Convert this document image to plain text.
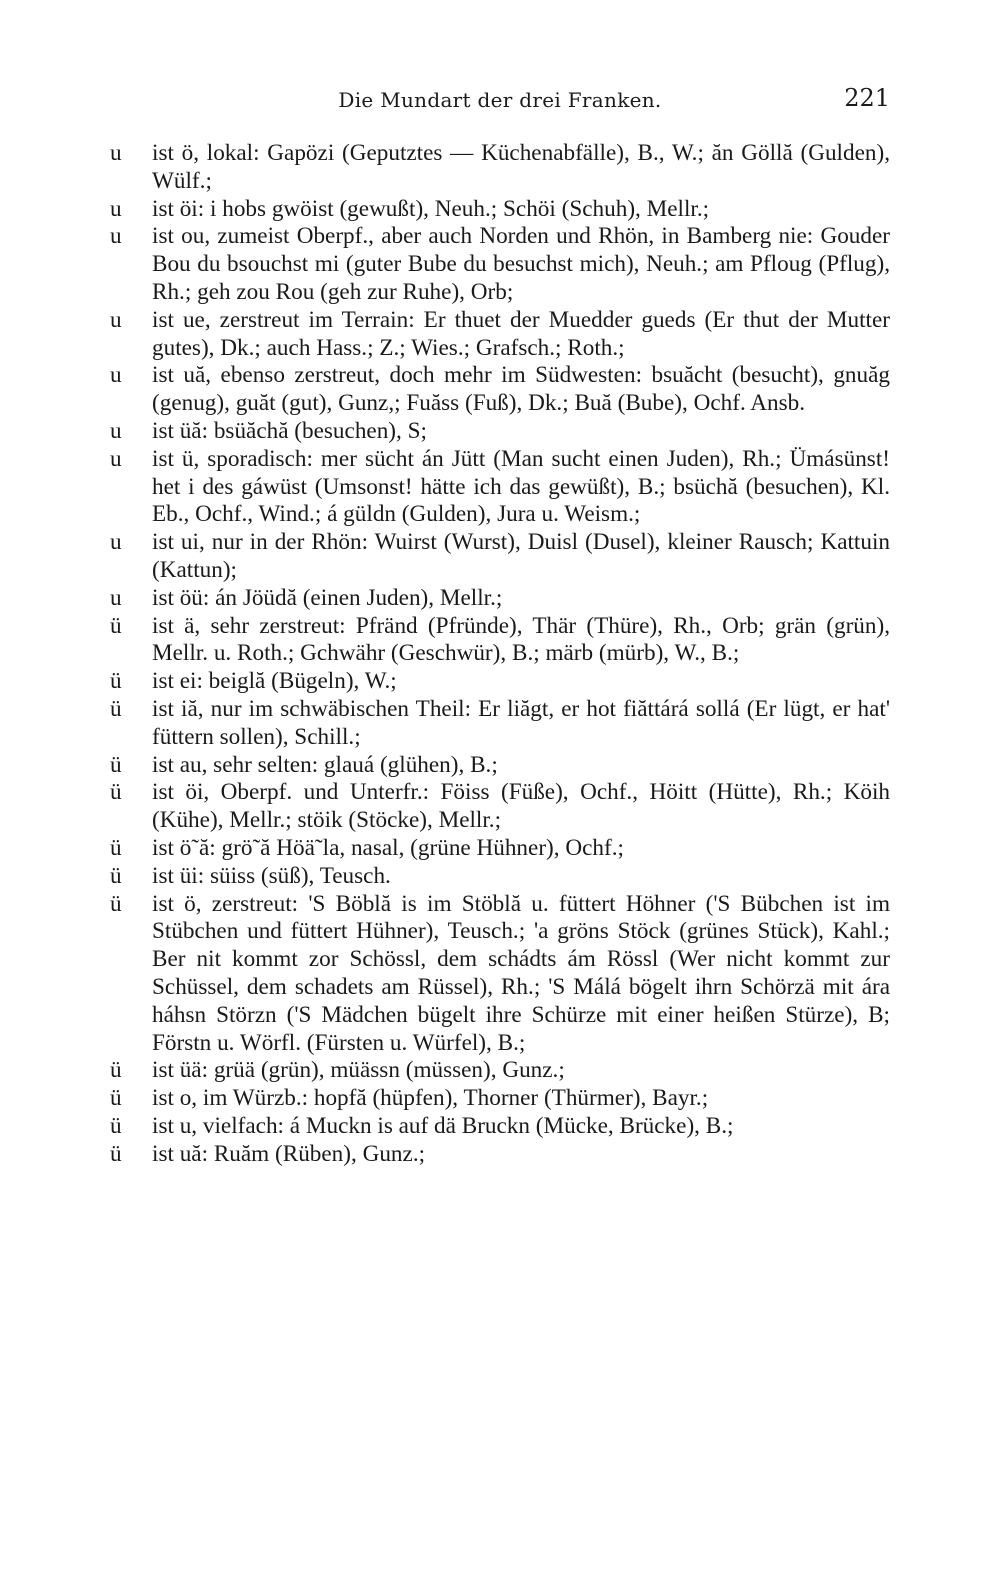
Die Mundart der drei Franken.	221
u ist ö, lokal: Gapözi (Geputztes — Küchenabfälle), B., W.; ăn Göllă (Gulden), Wülf.;
u ist öi: i hobs gwöist (gewußt), Neuh.; Schöi (Schuh), Mellr.;
u ist ou, zumeist Oberpf., aber auch Norden und Rhön, in Bamberg nie: Gouder Bou du bsouchst mi (guter Bube du besuchst mich), Neuh.; am Pfloug (Pflug), Rh.; geh zou Rou (geh zur Ruhe), Orb;
u ist ue, zerstreut im Terrain: Er thuet der Muedder gueds (Er thut der Mutter gutes), Dk.; auch Hass.; Z.; Wies.; Grafsch.; Roth.;
u ist uă, ebenso zerstreut, doch mehr im Südwesten: bsuăcht (besucht), gnuăg (genug), guăt (gut), Gunz,; Fuăss (Fuß), Dk.; Buă (Bube), Ochf. Ansb.
u ist üă: bsüăchă (besuchen), S;
u ist ü, sporadisch: mer sücht án Jütt (Man sucht einen Juden), Rh.; Ümásünst! het i des gáwüst (Umsonst! hätte ich das gewüßt), B.; bsüchă (besuchen), Kl. Eb., Ochf., Wind.; á güldn (Gulden), Jura u. Weism.;
u ist ui, nur in der Rhön: Wuirst (Wurst), Duisl (Dusel), kleiner Rausch; Kattuin (Kattun);
u ist öü: án Jöüdă (einen Juden), Mellr.;
ü ist ä, sehr zerstreut: Pfränd (Pfründe), Thär (Thüre), Rh., Orb; grän (grün), Mellr. u. Roth.; Gchwähr (Geschwür), B.; märb (mürb), W., B.;
ü ist ei: beiglă (Bügeln), W.;
ü ist iă, nur im schwäbischen Theil: Er liăgt, er hot fiăttárá sollá (Er lügt, er hat' füttern sollen), Schill.;
ü ist au, sehr selten: glauá (glühen), B.;
ü ist öi, Oberpf. und Unterfr.: Föiss (Füße), Ochf., Höitt (Hütte), Rh.; Köih (Kühe), Mellr.; stöik (Stöcke), Mellr.;
ü ist ö˜ă: grö˜ă Höä˜la, nasal, (grüne Hühner), Ochf.;
ü ist üi: süiss (süß), Teusch.
ü ist ö, zerstreut: 'S Böblă is im Stöblă u. füttert Höhner ('S Bübchen ist im Stübchen und füttert Hühner), Teusch.; 'a gröns Stöck (grünes Stück), Kahl.; Ber nit kommt zor Schössl, dem schádts ám Rössl (Wer nicht kommt zur Schüssel, dem schadets am Rüssel), Rh.; 'S Málá bögelt ihrn Schörzä mit ára háhsn Störzn ('S Mädchen bügelt ihre Schürze mit einer heißen Stürze), B; Förstn u. Wörfl. (Fürsten u. Würfel), B.;
ü ist üä: grüä (grün), müässn (müssen), Gunz.;
ü ist o, im Würzb.: hopfă (hüpfen), Thorner (Thürmer), Bayr.;
ü ist u, vielfach: á Muckn is auf dä Bruckn (Mücke, Brücke), B.;
ü ist uă: Ruăm (Rüben), Gunz.;
